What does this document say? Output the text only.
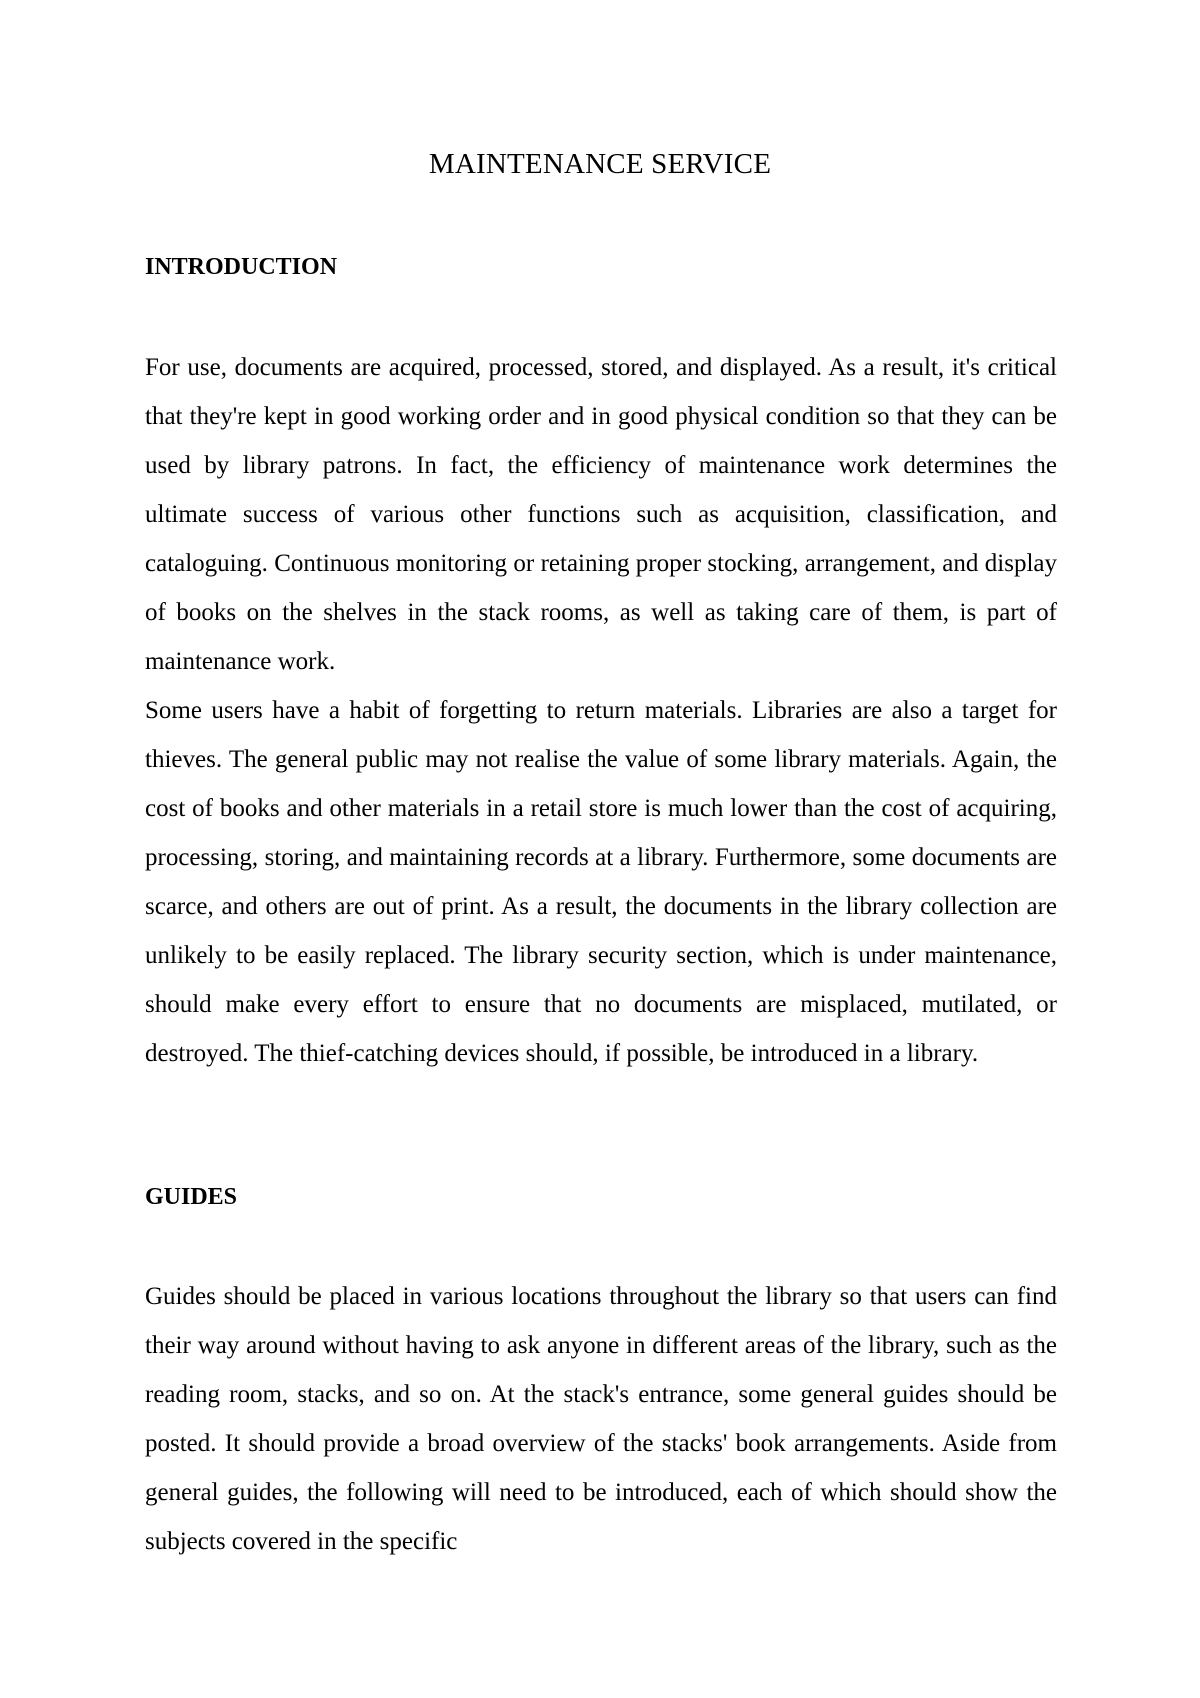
MAINTENANCE SERVICE
INTRODUCTION
For use, documents are acquired, processed, stored, and displayed. As a result, it's critical that they're kept in good working order and in good physical condition so that they can be used by library patrons. In fact, the efficiency of maintenance work determines the ultimate success of various other functions such as acquisition, classification, and cataloguing. Continuous monitoring or retaining proper stocking, arrangement, and display of books on the shelves in the stack rooms, as well as taking care of them, is part of maintenance work.
Some users have a habit of forgetting to return materials. Libraries are also a target for thieves. The general public may not realise the value of some library materials. Again, the cost of books and other materials in a retail store is much lower than the cost of acquiring, processing, storing, and maintaining records at a library. Furthermore, some documents are scarce, and others are out of print. As a result, the documents in the library collection are unlikely to be easily replaced. The library security section, which is under maintenance, should make every effort to ensure that no documents are misplaced, mutilated, or destroyed. The thief-catching devices should, if possible, be introduced in a library.
GUIDES
Guides should be placed in various locations throughout the library so that users can find their way around without having to ask anyone in different areas of the library, such as the reading room, stacks, and so on. At the stack's entrance, some general guides should be posted. It should provide a broad overview of the stacks' book arrangements. Aside from general guides, the following will need to be introduced, each of which should show the subjects covered in the specific
